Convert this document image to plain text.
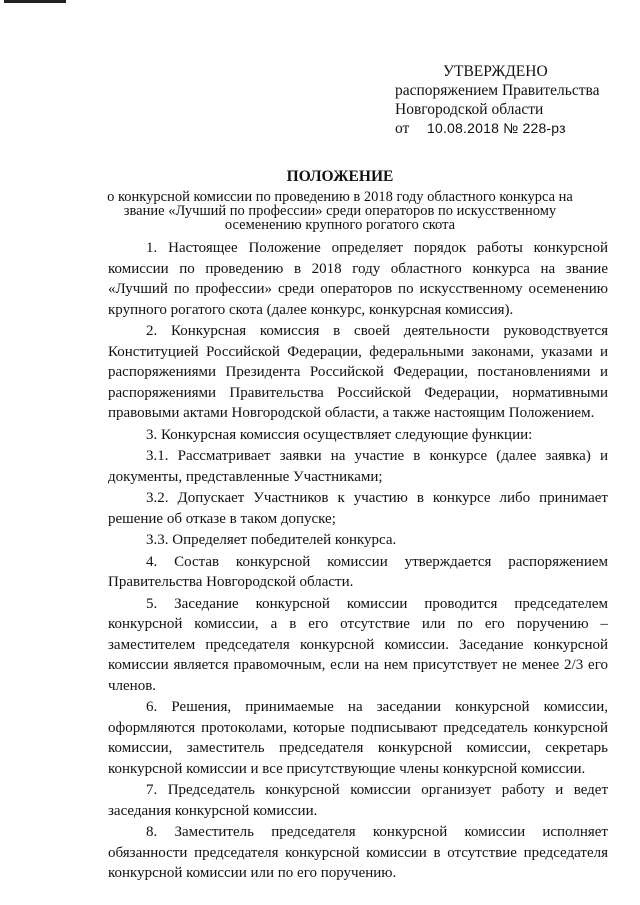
УТВЕРЖДЕНО
распоряжением Правительства
Новгородской области
от	10.08.2018 № 228-рз
ПОЛОЖЕНИЕ
о конкурсной комиссии по проведению в 2018 году областного конкурса на
звание «Лучший по профессии» среди операторов по искусственному
осеменению крупного рогатого скота

1. Настоящее Положение определяет порядок работы конкурсной комиссии по проведению в 2018 году областного конкурса на звание «Лучший по профессии» среди операторов по искусственному осеменению крупного рогатого скота (далее конкурс, конкурсная комиссия).

2. Конкурсная комиссия в своей деятельности руководствуется Конституцией Российской Федерации, федеральными законами, указами и распоряжениями Президента Российской Федерации, постановлениями и распоряжениями Правительства Российской Федерации, нормативными правовыми актами Новгородской области, а также настоящим Положением.

3. Конкурсная комиссия осуществляет следующие функции:

3.1. Рассматривает заявки на участие в конкурсе (далее заявка) и документы, представленные Участниками;

3.2. Допускает Участников к участию в конкурсе либо принимает решение об отказе в таком допуске;

3.3. Определяет победителей конкурса.

4. Состав конкурсной комиссии утверждается распоряжением Правительства Новгородской области.

5. Заседание конкурсной комиссии проводится председателем конкурсной комиссии, а в его отсутствие или по его поручению – заместителем председателя конкурсной комиссии. Заседание конкурсной комиссии является правомочным, если на нем присутствует не менее 2/3 его членов.

6. Решения, принимаемые на заседании конкурсной комиссии, оформляются протоколами, которые подписывают председатель конкурсной комиссии, заместитель председателя конкурсной комиссии, секретарь конкурсной комиссии и все присутствующие члены конкурсной комиссии.

7. Председатель конкурсной комиссии организует работу и ведет заседания конкурсной комиссии.

8. Заместитель председателя конкурсной комиссии исполняет обязанности председателя конкурсной комиссии в отсутствие председателя конкурсной комиссии или по его поручению.
